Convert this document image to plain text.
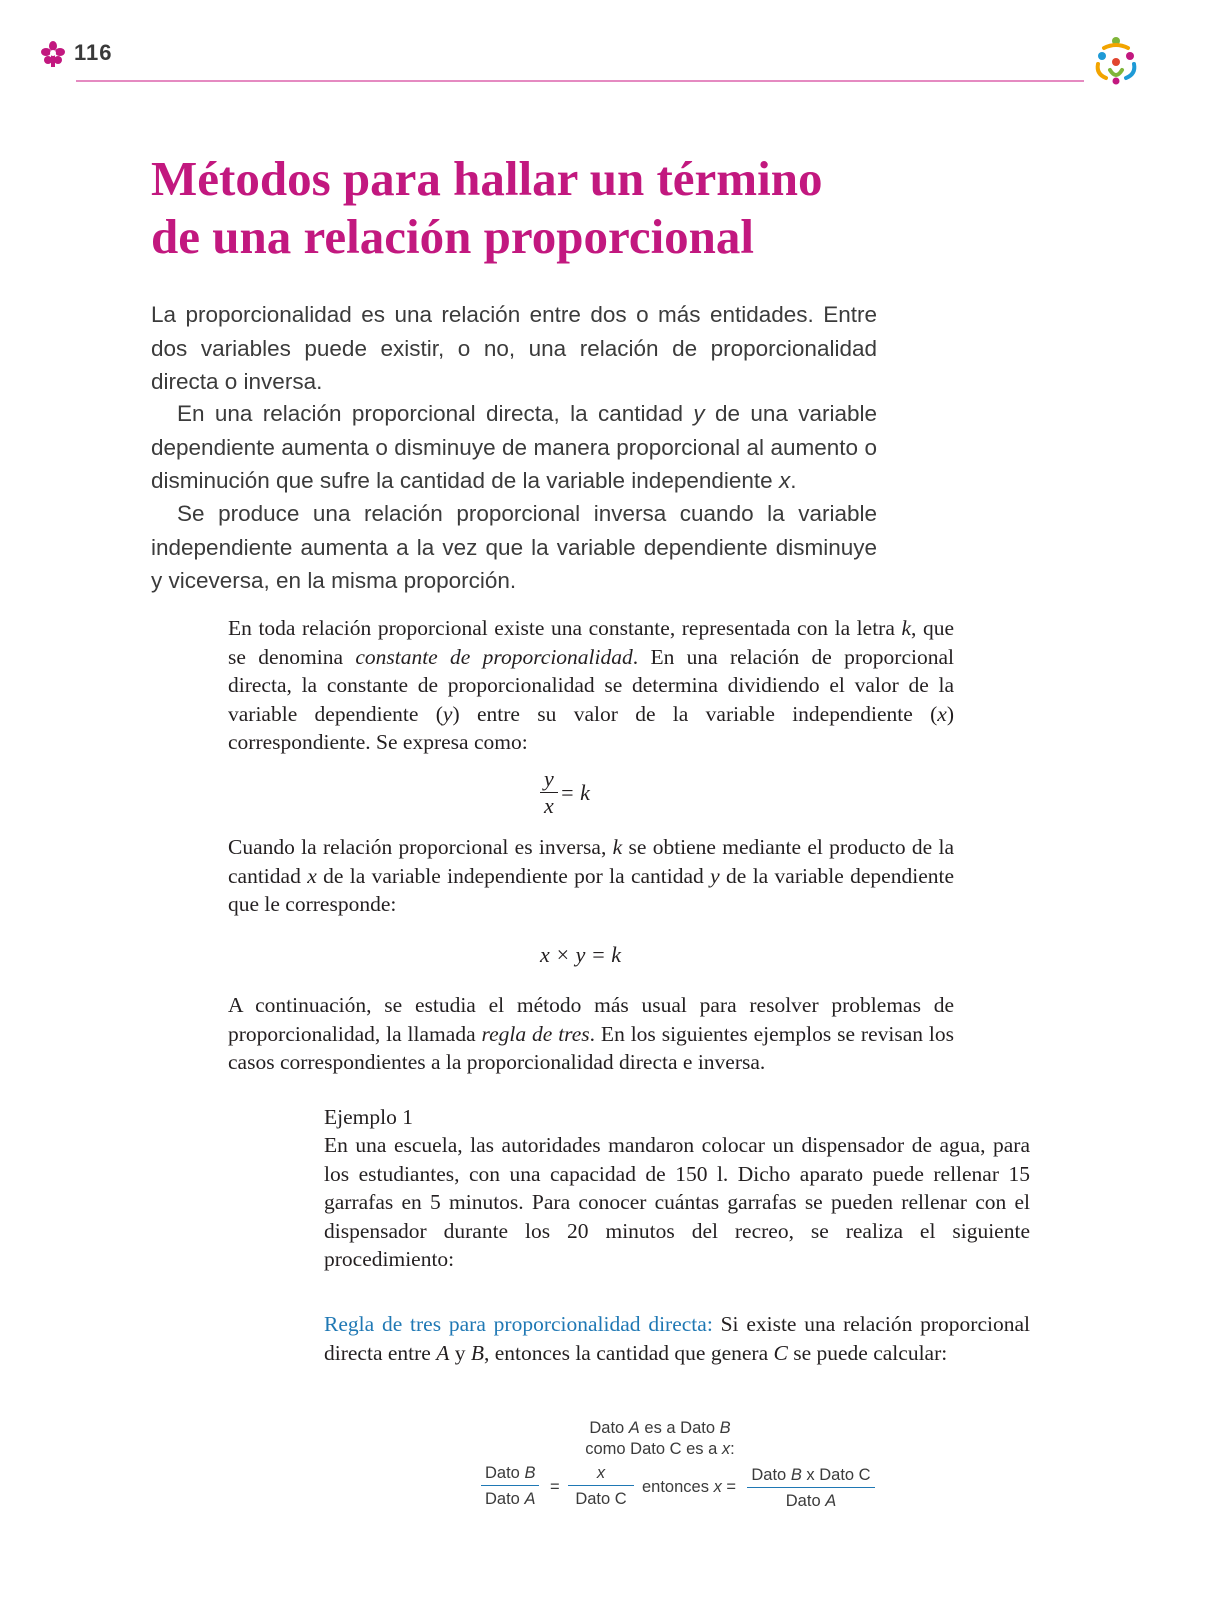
116
Métodos para hallar un término
de una relación proporcional

La proporcionalidad es una relación entre dos o más entidades. Entre dos variables puede existir, o no, una relación de proporcionalidad directa o inversa.

En una relación proporcional directa, la cantidad y de una variable dependiente aumenta o disminuye de manera proporcional al aumento o disminución que sufre la cantidad de la variable independiente x.

Se produce una relación proporcional inversa cuando la variable independiente aumenta a la vez que la variable dependiente disminuye y viceversa, en la misma proporción.

En toda relación proporcional existe una constante, representada con la letra k, que se denomina constante de proporcionalidad. En una relación de proporcional directa, la constante de proporcionalidad se determina dividiendo el valor de la variable dependiente (y) entre su valor de la variable independiente (x) correspondiente. Se expresa como:

$\frac{y}{x} = k$

Cuando la relación proporcional es inversa, k se obtiene mediante el producto de la cantidad x de la variable independiente por la cantidad y de la variable dependiente que le corresponde:

x × y = k

A continuación, se estudia el método más usual para resolver problemas de proporcionalidad, la llamada regla de tres. En los siguientes ejemplos se revisan los casos correspondientes a la proporcionalidad directa e inversa.

Ejemplo 1

En una escuela, las autoridades mandaron colocar un dispensador de agua, para los estudiantes, con una capacidad de 150 l. Dicho aparato puede rellenar 15 garrafas en 5 minutos. Para conocer cuántas garrafas se pueden rellenar con el dispensador durante los 20 minutos del recreo, se realiza el siguiente procedimiento:

Regla de tres para proporcionalidad directa: Si existe una relación proporcional directa entre A y B, entonces la cantidad que genera C se puede calcular:

Dato A es a Dato B
como Dato C es a x:
Dato B
Dato A
=
x
Dato C
entonces x =
Dato B x Dato C
Dato A
